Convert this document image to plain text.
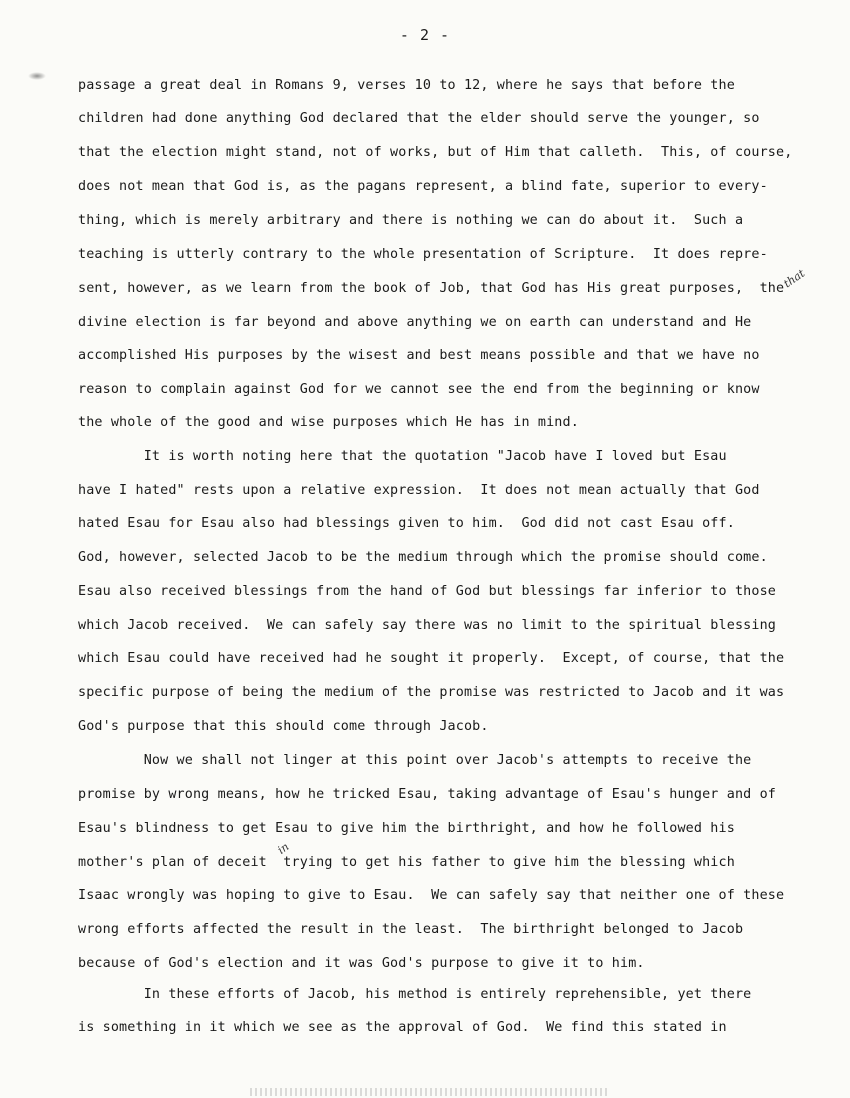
- 2 -
passage a great deal in Romans 9, verses 10 to 12, where he says that before the
children had done anything God declared that the elder should serve the younger, so
that the election might stand, not of works, but of Him that calleth.  This, of course,
does not mean that God is, as the pagans represent, a blind fate, superior to every-
thing, which is merely arbitrary and there is nothing we can do about it.  Such a
teaching is utterly contrary to the whole presentation of Scripture.  It does repre-
sent, however, as we learn from the book of Job, that God has His great purposes,  the
divine election is far beyond and above anything we on earth can understand and He
accomplished His purposes by the wisest and best means possible and that we have no
reason to complain against God for we cannot see the end from the beginning or know
the whole of the good and wise purposes which He has in mind.
It is worth noting here that the quotation "Jacob have I loved but Esau
have I hated" rests upon a relative expression.  It does not mean actually that God
hated Esau for Esau also had blessings given to him.  God did not cast Esau off.
God, however, selected Jacob to be the medium through which the promise should come.
Esau also received blessings from the hand of God but blessings far inferior to those
which Jacob received.  We can safely say there was no limit to the spiritual blessing
which Esau could have received had he sought it properly.  Except, of course, that the
specific purpose of being the medium of the promise was restricted to Jacob and it was
God's purpose that this should come through Jacob.
Now we shall not linger at this point over Jacob's attempts to receive the
promise by wrong means, how he tricked Esau, taking advantage of Esau's hunger and of
Esau's blindness to get Esau to give him the birthright, and how he followed his
mother's plan of deceit  trying to get his father to give him the blessing which
Isaac wrongly was hoping to give to Esau.  We can safely say that neither one of these
wrong efforts affected the result in the least.  The birthright belonged to Jacob
because of God's election and it was God's purpose to give it to him.
In these efforts of Jacob, his method is entirely reprehensible, yet there
is something in it which we see as the approval of God.  We find this stated in
that
in
